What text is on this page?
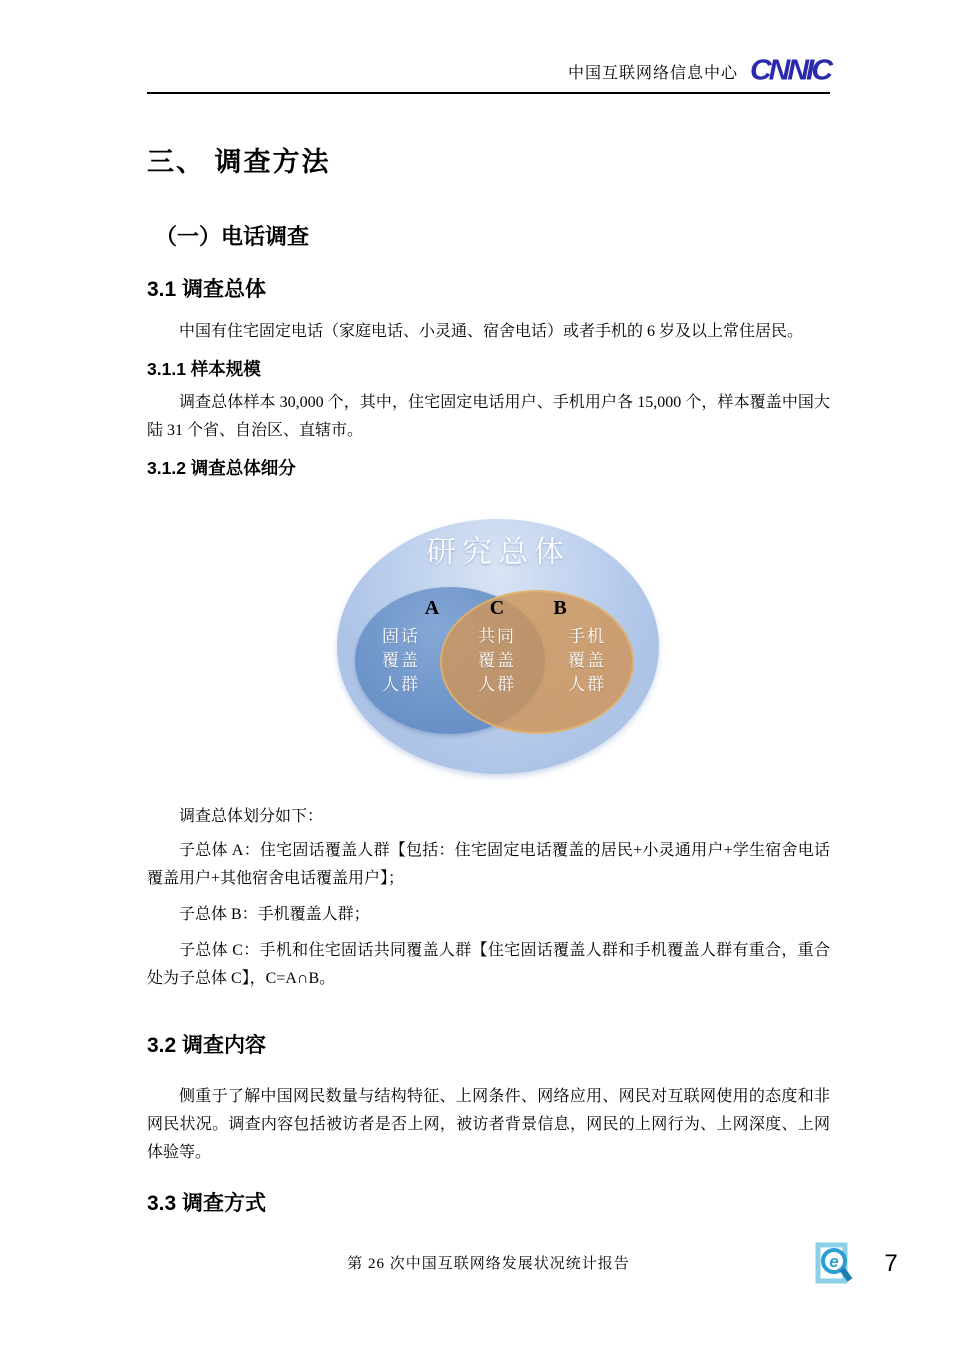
中国互联网络信息中心 CNNIC
三、 调查方法
（一）电话调查
3.1 调查总体

中国有住宅固定电话（家庭电话、小灵通、宿舍电话）或者手机的 6 岁及以上常住居民。

3.1.1 样本规模

调查总体样本 30,000 个，其中，住宅固定电话用户、手机用户各 15,000 个，样本覆盖中国大陆 31 个省、自治区、直辖市。

3.1.2 调查总体细分
研究总体
A	C	B
固话
覆盖
人群
共同
覆盖
人群
手机
覆盖
人群

调查总体划分如下：

子总体 A：住宅固话覆盖人群【包括：住宅固定电话覆盖的居民+小灵通用户+学生宿舍电话覆盖用户+其他宿舍电话覆盖用户】；

子总体 B：手机覆盖人群；

子总体 C：手机和住宅固话共同覆盖人群【住宅固话覆盖人群和手机覆盖人群有重合，重合处为子总体 C】，C=A∩B。

3.2 调查内容

侧重于了解中国网民数量与结构特征、上网条件、网络应用、网民对互联网使用的态度和非网民状况。调查内容包括被访者是否上网，被访者背景信息，网民的上网行为、上网深度、上网体验等。

3.3 调查方式
第 26 次中国互联网络发展状况统计报告	e	7
